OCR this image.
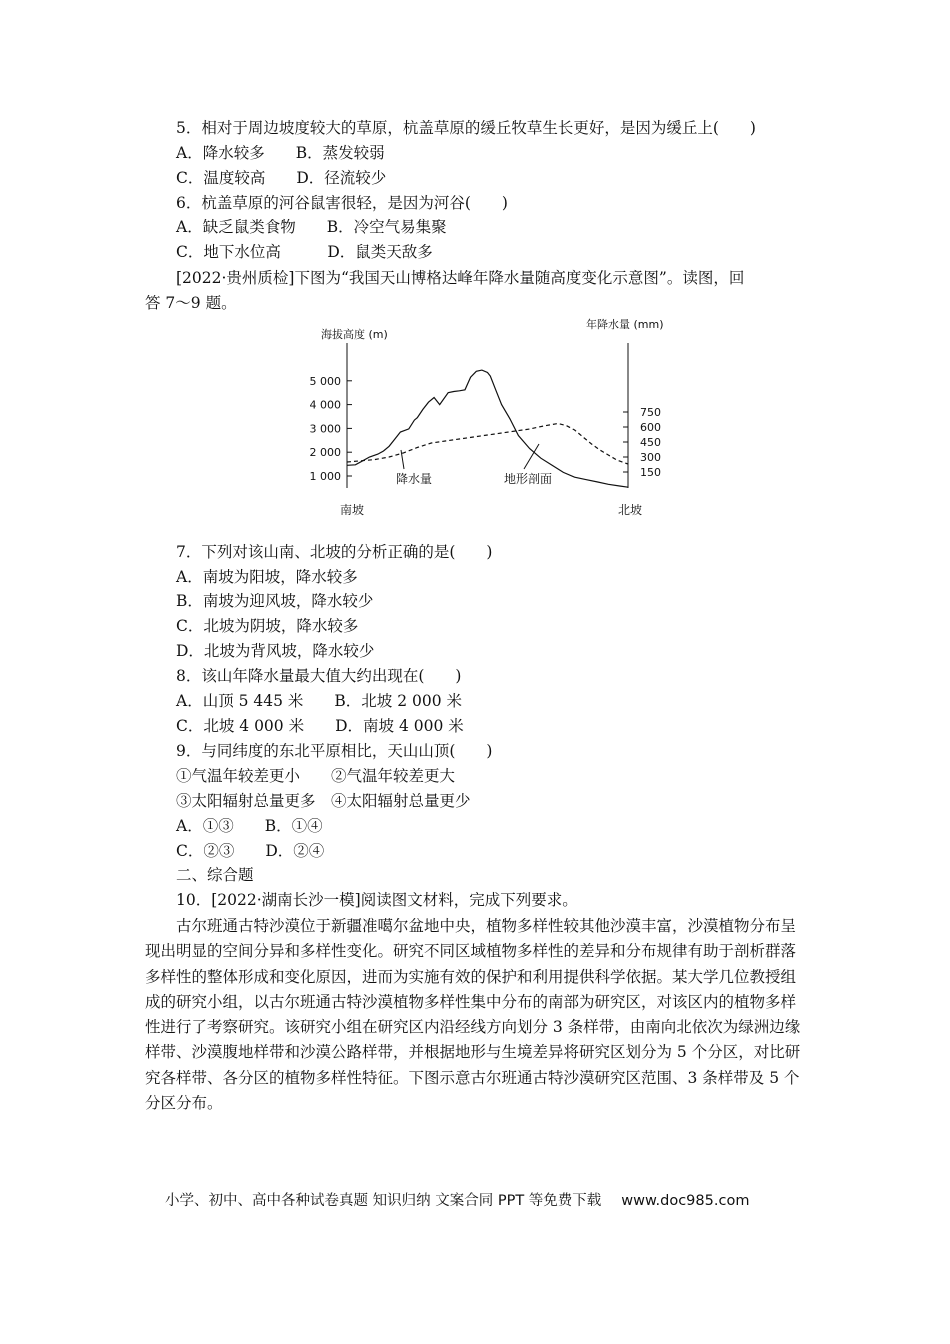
5．相对于周边坡度较大的草原，杭盖草原的缓丘牧草生长更好，是因为缓丘上(　　)
A．降水较多　　B．蒸发较弱
C．温度较高　　D．径流较少
6．杭盖草原的河谷鼠害很轻，是因为河谷(　　)
A．缺乏鼠类食物　　B．冷空气易集聚
C．地下水位高　　　D．鼠类天敌多
[2022·贵州质检]下图为“我国天山博格达峰年降水量随高度变化示意图”。读图，回
答 7～9 题。
海拔高度 (m)
年降水量 (mm)
1 000
2 000
3 000
4 000
5 000
150
300
450
600
750
降水量	地形剖面
南坡	北坡
7．下列对该山南、北坡的分析正确的是(　　)
A．南坡为阳坡，降水较多
B．南坡为迎风坡，降水较少
C．北坡为阴坡，降水较多
D．北坡为背风坡，降水较少
8．该山年降水量最大值大约出现在(　　)
A．山顶 5 445 米　　B．北坡 2 000 米
C．北坡 4 000 米　　D．南坡 4 000 米
9．与同纬度的东北平原相比，天山山顶(　　)
①气温年较差更小　　②气温年较差更大
③太阳辐射总量更多　④太阳辐射总量更少
A．①③　　B．①④
C．②③　　D．②④
二、综合题
10．[2022·湖南长沙一模]阅读图文材料，完成下列要求。
古尔班通古特沙漠位于新疆准噶尔盆地中央，植物多样性较其他沙漠丰富，沙漠植物分布呈现出明显的空间分异和多样性变化。研究不同区域植物多样性的差异和分布规律有助于剖析群落多样性的整体形成和变化原因，进而为实施有效的保护和利用提供科学依据。某大学几位教授组成的研究小组，以古尔班通古特沙漠植物多样性集中分布的南部为研究区，对该区内的植物多样性进行了考察研究。该研究小组在研究区内沿经线方向划分 3 条样带，由南向北依次为绿洲边缘样带、沙漠腹地样带和沙漠公路样带，并根据地形与生境差异将研究区划分为 5 个分区，对比研究各样带、各分区的植物多样性特征。下图示意古尔班通古特沙漠研究区范围、3 条样带及 5 个分区分布。
小学、初中、高中各种试卷真题 知识归纳 文案合同 PPT 等免费下载 www.doc985.com
